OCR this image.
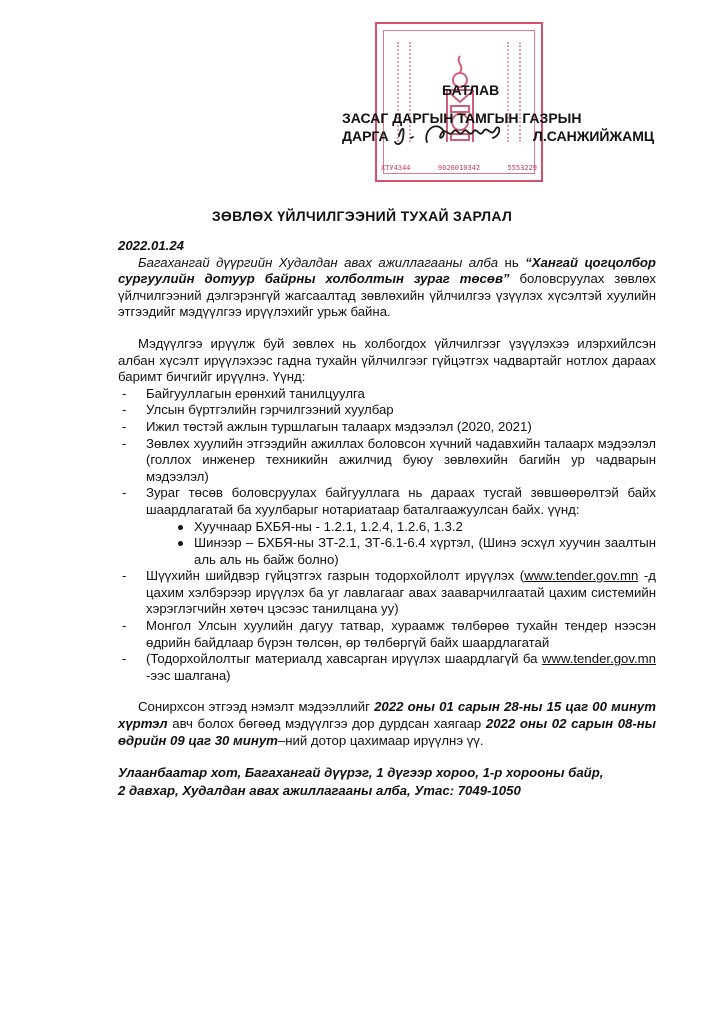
ХТУ4344	9026010342	5553229
БАТЛАВ
ЗАСАГ ДАРГЫН ТАМГЫН ГАЗРЫН
ДАРГА	Л.САНЖИЙЖАМЦ
ЗӨВЛӨХ ҮЙЛЧИЛГЭЭНИЙ ТУХАЙ ЗАРЛАЛ
2022.01.24

Багахангай дүүргийн Худалдан авах ажиллагааны алба нь “Хангай цогцолбор сургуулийн дотуур байрны холболтын зураг төсөв” боловсруулах зөвлөх үйлчилгээний дэлгэрэнгүй жагсаалтад зөвлөхийн үйлчилгээ үзүүлэх хүсэлтэй хуулийн этгээдийг мэдүүлгээ ирүүлэхийг урьж байна.

Мэдүүлгээ ирүүлж буй зөвлөх нь холбогдох үйлчилгээг үзүүлэхээ илэрхийлсэн албан хүсэлт ирүүлэхээс гадна тухайн үйлчилгээг гүйцэтгэх чадвартайг нотлох дараах баримт бичгийг ирүүлнэ. Үүнд:

- Байгууллагын ерөнхий танилцуулга
- Улсын бүртгэлийн гэрчилгээний хуулбар
- Ижил төстэй ажлын туршлагын талаарх мэдээлэл (2020, 2021)
- Зөвлөх хуулийн этгээдийн ажиллах боловсон хүчний чадавхийн талаарх мэдээлэл (голлох инженер техникийн ажилчид буюу зөвлөхийн багийн ур чадварын мэдээлэл)
- Зураг төсөв боловсруулах байгууллага нь дараах тусгай зөвшөөрөлтэй байх шаардлагатай ба хуулбарыг нотариатаар баталгаажуулсан байх. үүнд:
Хуучнаар БХБЯ-ны - 1.2.1, 1.2.4, 1.2.6, 1.3.2
Шинээр – БХБЯ-ны ЗТ-2.1, ЗТ-6.1-6.4 хүртэл, (Шинэ эсхүл хуучин заалтын аль аль нь байж болно)
- Шүүхийн шийдвэр гүйцэтгэх газрын тодорхойлолт ирүүлэх (www.tender.gov.mn -д цахим хэлбэрээр ирүүлэх ба уг лавлагааг авах зааварчилгаатай цахим системийн хэрэглэгчийн хөтөч цэсээс танилцана уу)
- Монгол Улсын хуулийн дагуу татвар, хураамж төлбөрөө тухайн тендер нээсэн өдрийн байдлаар бүрэн төлсөн, өр төлбөргүй байх шаардлагатай
- (Тодорхойлолтыг материалд хавсарган ирүүлэх шаардлагүй ба www.tender.gov.mn -ээс шалгана)

Сонирхсон этгээд нэмэлт мэдээллийг 2022 оны 01 сарын 28-ны 15 цаг 00 минут хүртэл авч болох бөгөөд мэдүүлгээ дор дурдсан хаягаар 2022 оны 02 сарын 08-ны өдрийн 09 цаг 30 минут–ний дотор цахимаар ирүүлнэ үү.

Улаанбаатар хот, Багахангай дүүрэг, 1 дүгээр хороо, 1-р хорооны байр,
2 давхар, Худалдан авах ажиллагааны алба, Утас: 7049-1050
